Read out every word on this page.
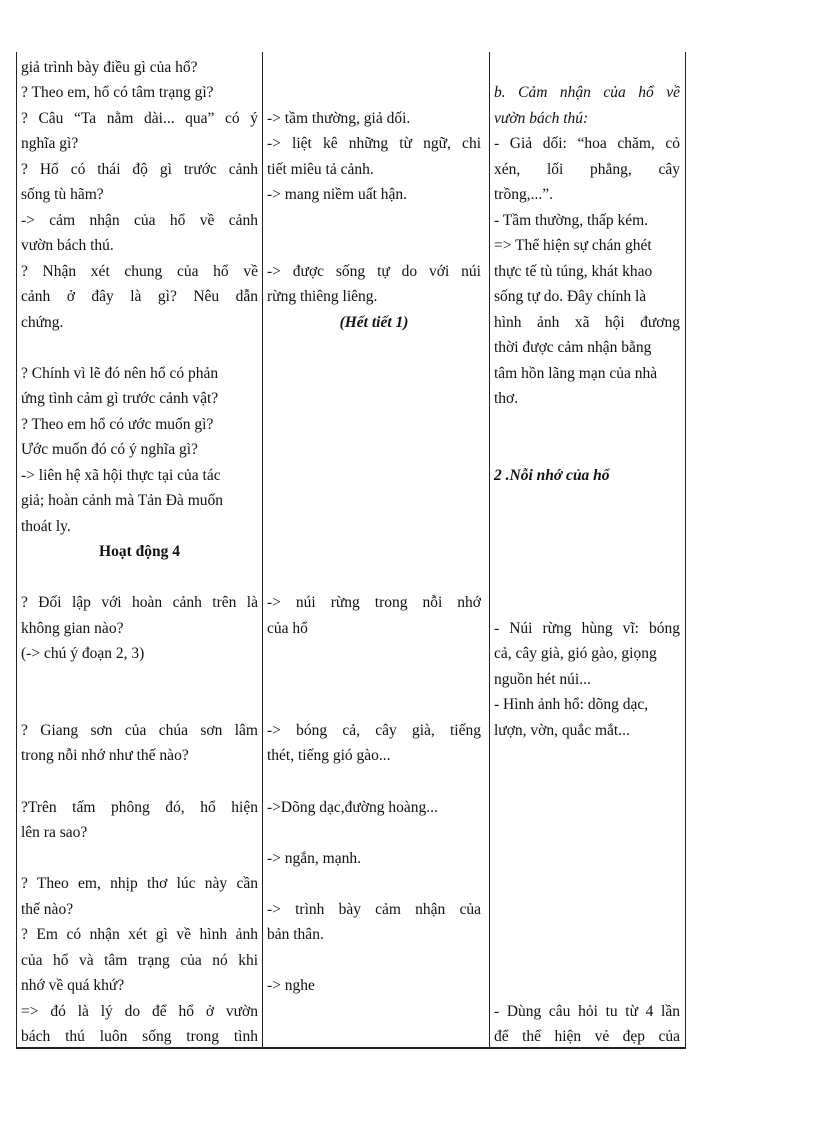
giả trình bày điều gì của hổ?
? Theo em, hổ có tâm trạng gì?
? Câu “Ta nằm dài... qua” có ý
nghĩa gì?
? Hổ có thái độ gì trước cảnh
sống tù hãm?
-> cảm nhận của hổ về cảnh
vườn bách thú.
? Nhận xét chung của hổ về
cảnh ở đây là gì? Nêu dẫn
chứng.
? Chính vì lẽ đó nên hổ có phản
ứng tình cảm gì trước cảnh vật?
? Theo em hổ có ước muốn gì?
Ước muốn đó có ý nghĩa gì?
-> liên hệ xã hội thực tại của tác
giả; hoàn cảnh mà Tản Đà muốn
thoát ly.
Hoạt động 4
? Đối lập với hoàn cảnh trên là
không gian nào?
(-> chú ý đoạn 2, 3)
? Giang sơn của chúa sơn lâm
trong nỗi nhớ như thế nào?
?Trên tấm phông đó, hổ hiện
lên ra sao?
? Theo em, nhịp thơ lúc này cần
thế nào?
? Em có nhận xét gì về hình ảnh
của hổ và tâm trạng của nó khi
nhớ về quá khứ?
=> đó là lý do để hổ ở vườn
bách thú luôn sống trong tình
-> tầm thường, giả dối.
-> liệt kê những từ ngữ, chi
tiết miêu tả cảnh.
-> mang niềm uất hận.
-> được sống tự do với núi
rừng thiêng liêng.
(Hết tiết 1)
-> núi rừng trong nỗi nhớ
của hổ
-> bóng cả, cây già, tiếng
thét, tiếng gió gào...
->Dõng dạc,đường hoàng...
-> ngắn, mạnh.
-> trình bày cảm nhận của
bản thân.
-> nghe
b. Cảm nhận của hổ về
vườn bách thú:
- Giả dối: “hoa chăm, cỏ
xén, lối phẳng, cây
trồng,...”.
- Tầm thường, thấp kém.
=> Thể hiện sự chán ghét
thực tế tù túng, khát khao
sống tự do. Đây chính là
hình ảnh xã hội đương
thời được cảm nhận bằng
tâm hồn lãng mạn của nhà
thơ.
2 .Nỗi nhớ của hổ
- Núi rừng hùng vĩ: bóng
cả, cây già, gió gào, giọng
nguồn hét núi...
- Hình ảnh hổ: dõng dạc,
lượn, vờn, quắc mắt...
- Dùng câu hỏi tu từ 4 lần
để thể hiện vẻ đẹp của
